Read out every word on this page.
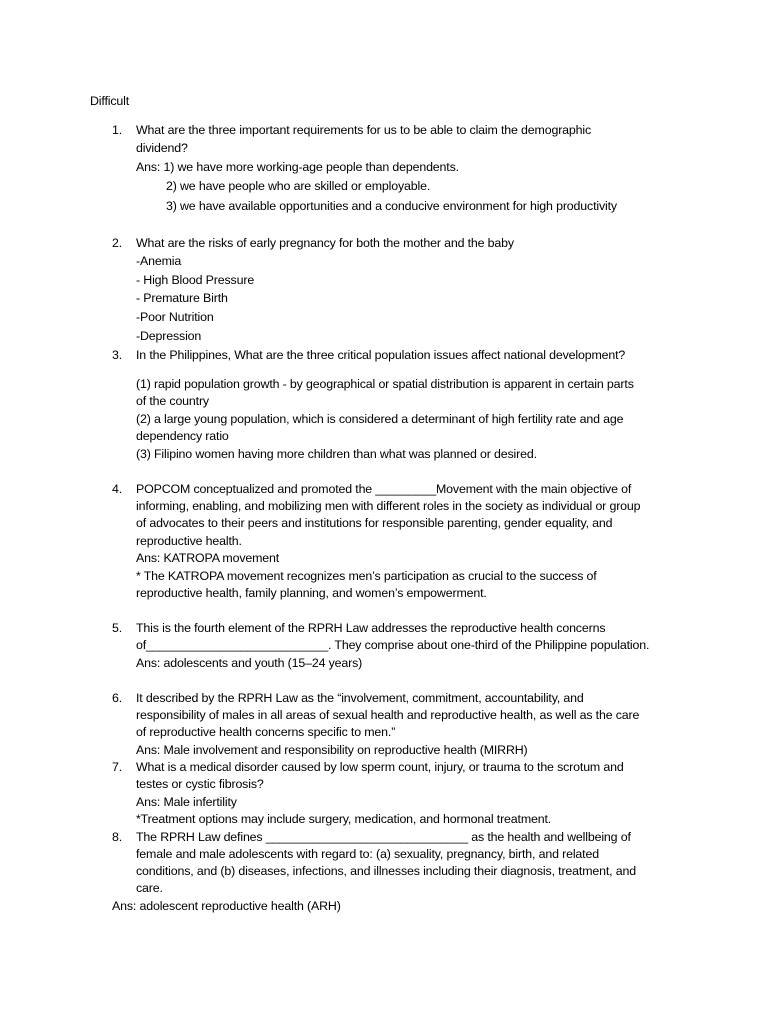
Difficult
1. What are the three important requirements for us to be able to claim the demographic
dividend?
Ans: 1) we have more working-age people than dependents.
2) we have people who are skilled or employable.
3) we have available opportunities and a conducive environment for high productivity
2. What are the risks of early pregnancy for both the mother and the baby
-Anemia
- High Blood Pressure
- Premature Birth
-Poor Nutrition
-Depression
3. In the Philippines, What are the three critical population issues affect national development?
(1) rapid population growth - by geographical or spatial distribution is apparent in certain parts
of the country
(2) a large young population, which is considered a determinant of high fertility rate and age
dependency ratio
(3) Filipino women having more children than what was planned or desired.
4. POPCOM conceptualized and promoted the _________Movement with the main objective of
informing, enabling, and mobilizing men with different roles in the society as individual or group
of advocates to their peers and institutions for responsible parenting, gender equality, and
reproductive health.
Ans: KATROPA movement
* The KATROPA movement recognizes men’s participation as crucial to the success of
reproductive health, family planning, and women’s empowerment.
5. This is the fourth element of the RPRH Law addresses the reproductive health concerns
of___________________________. They comprise about one-third of the Philippine population.
Ans: adolescents and youth (15–24 years)
6. It described by the RPRH Law as the “involvement, commitment, accountability, and
responsibility of males in all areas of sexual health and reproductive health, as well as the care
of reproductive health concerns specific to men.”
Ans: Male involvement and responsibility on reproductive health (MIRRH)
7. What is a medical disorder caused by low sperm count, injury, or trauma to the scrotum and
testes or cystic fibrosis?
Ans: Male infertility
*Treatment options may include surgery, medication, and hormonal treatment.
8. The RPRH Law defines ______________________________ as the health and wellbeing of
female and male adolescents with regard to: (a) sexuality, pregnancy, birth, and related
conditions, and (b) diseases, infections, and illnesses including their diagnosis, treatment, and
care.
Ans: adolescent reproductive health (ARH)
